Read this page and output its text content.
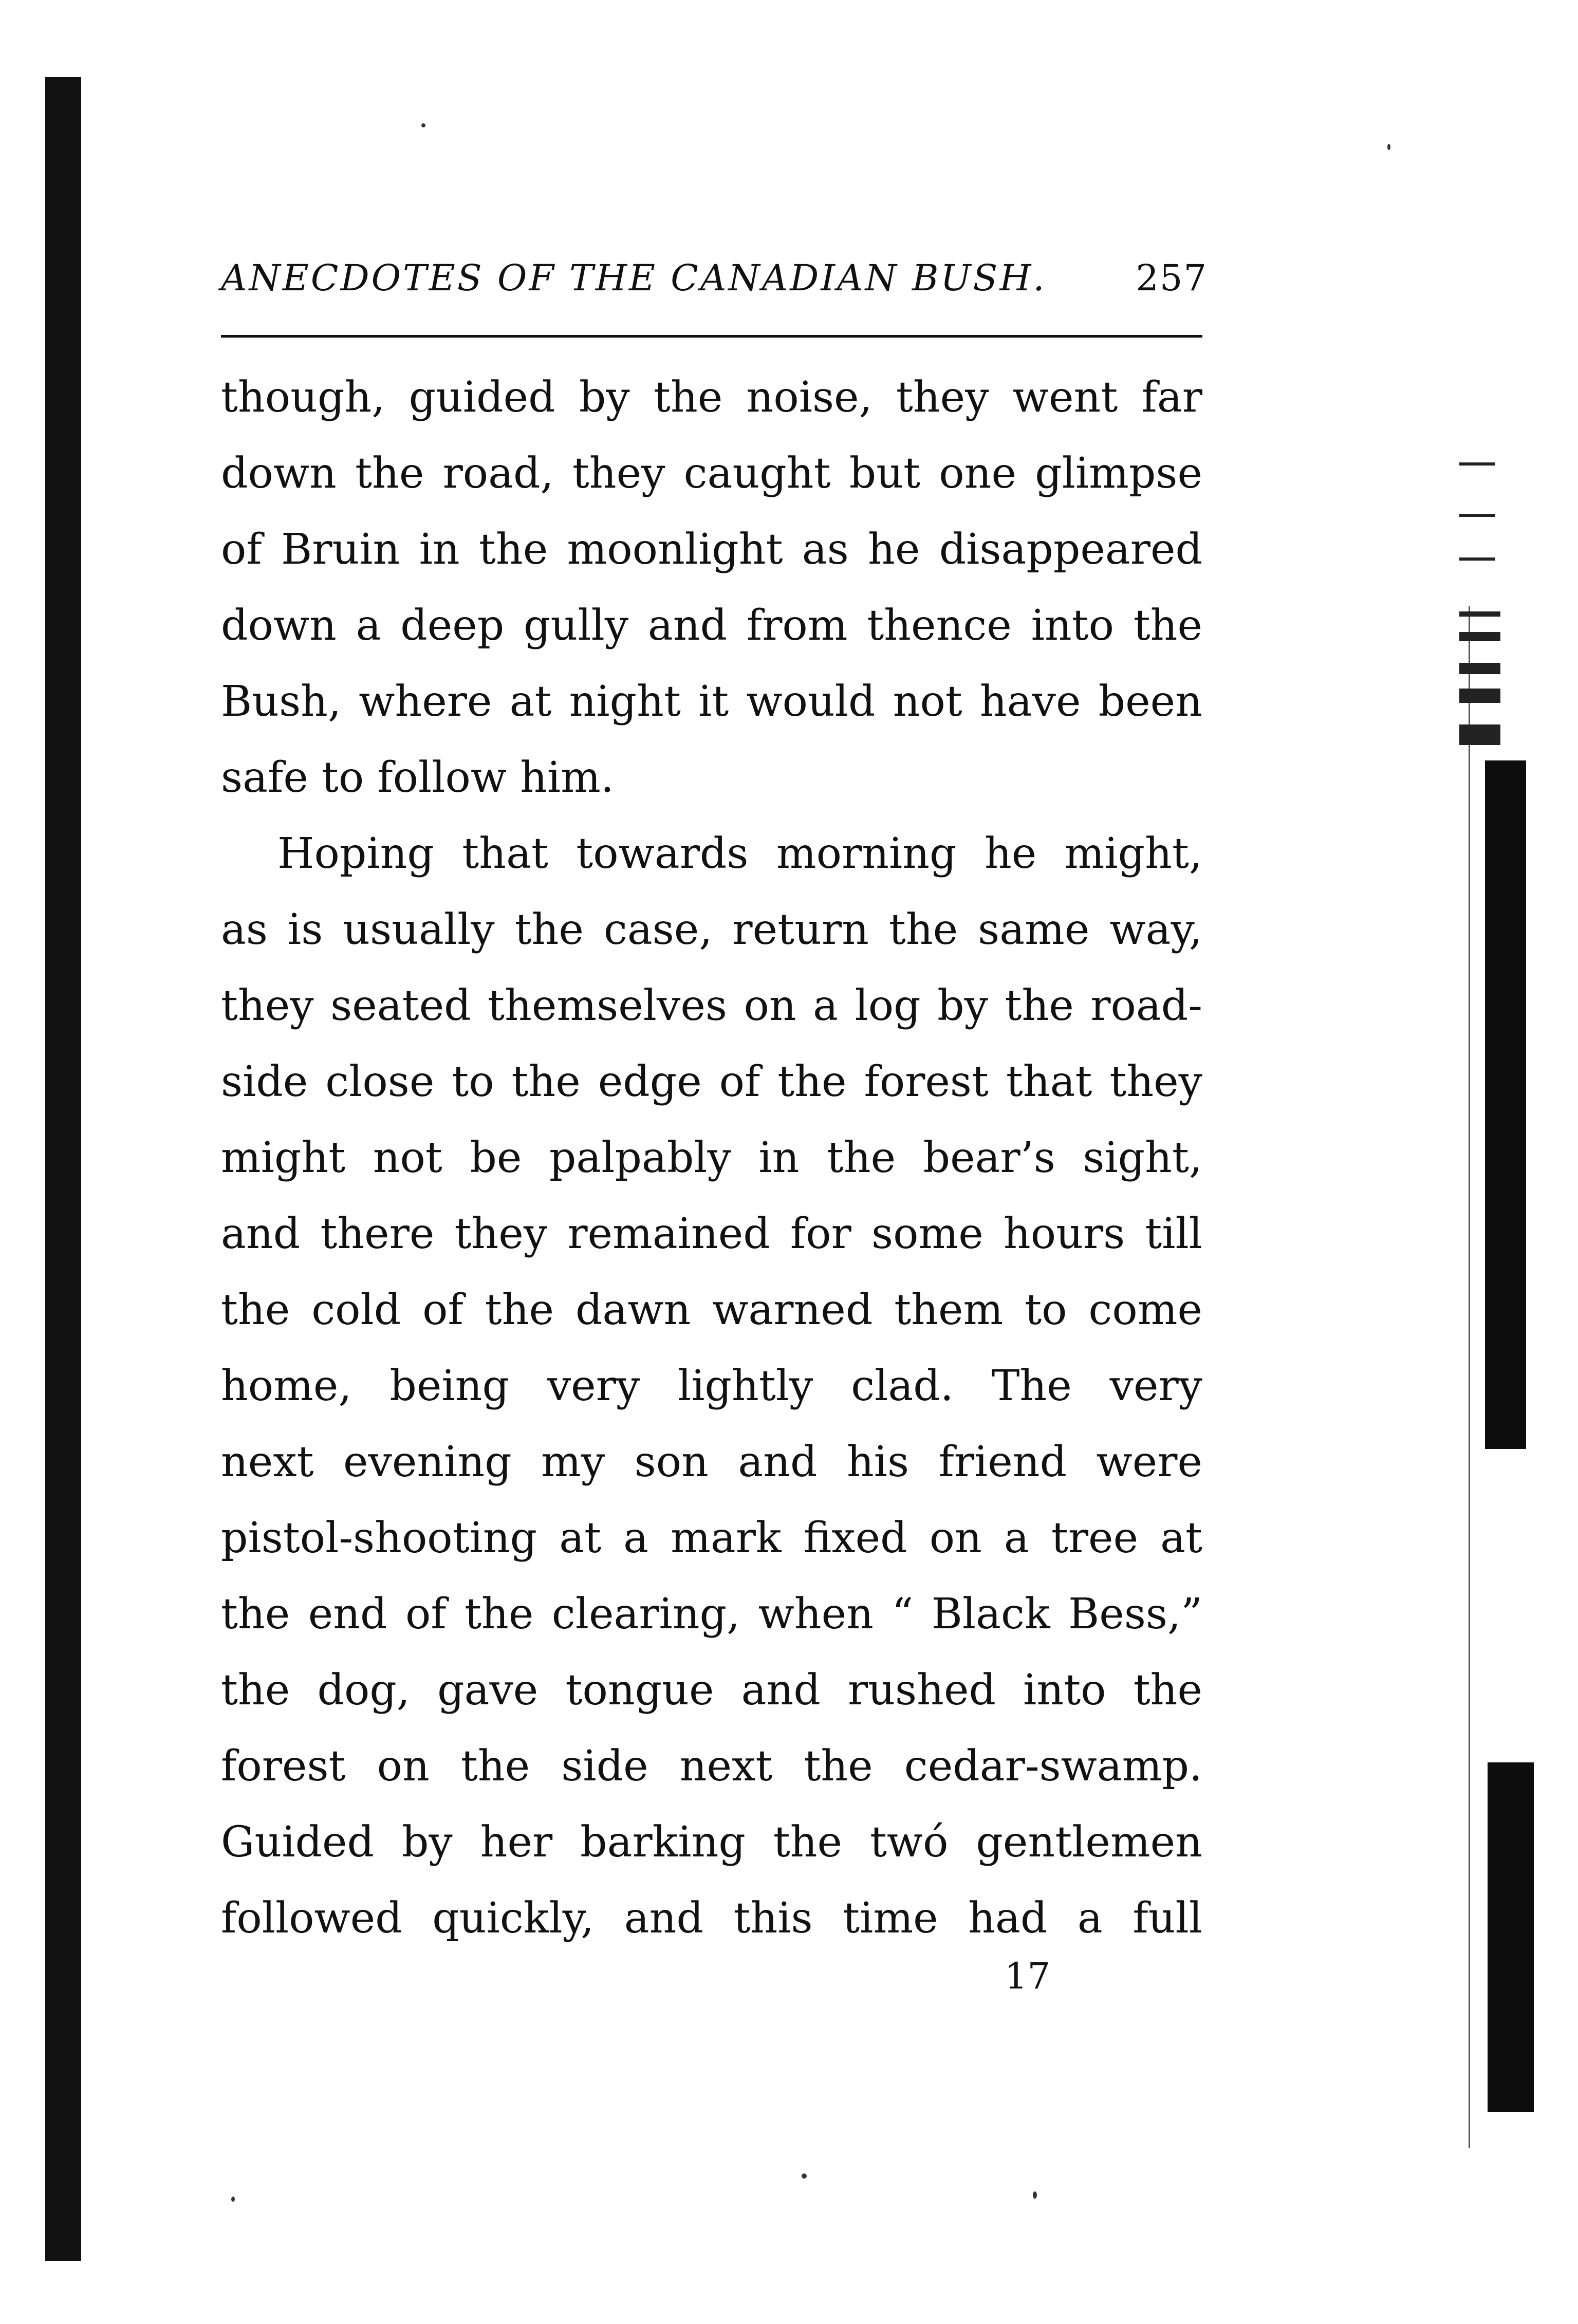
ANECDOTES OF THE CANADIAN BUSH. 257
though, guided by the noise, they went far
down the road, they caught but one glimpse
of Bruin in the moonlight as he disappeared
down a deep gully and from thence into the
Bush, where at night it would not have been
safe to follow him.
Hoping that towards morning he might,
as is usually the case, return the same way,
they seated themselves on a log by the road-
side close to the edge of the forest that they
might not be palpably in the bear’s sight,
and there they remained for some hours till
the cold of the dawn warned them to come
home, being very lightly clad. The very
next evening my son and his friend were
pistol-shooting at a mark fixed on a tree at
the end of the clearing, when “ Black Bess,”
the dog, gave tongue and rushed into the
forest on the side next the cedar-swamp.
Guided by her barking the twó gentlemen
followed quickly, and this time had a full
17
